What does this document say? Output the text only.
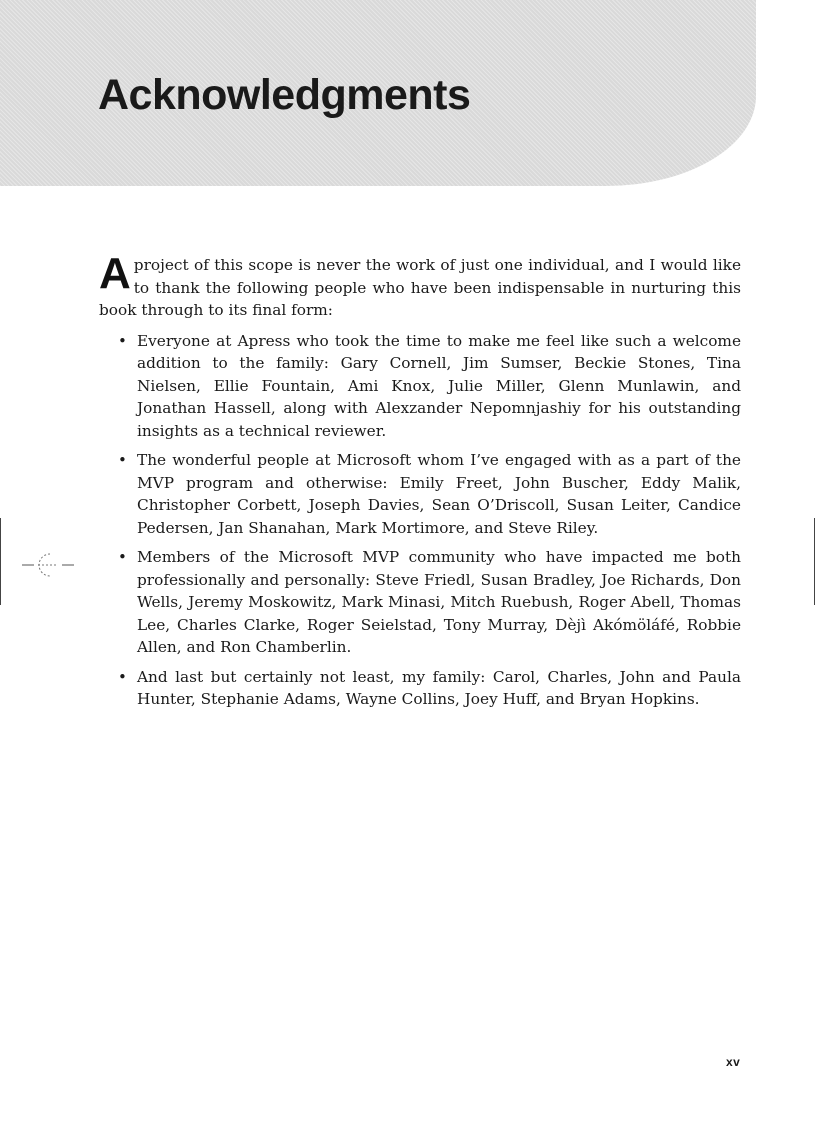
Acknowledgments

Aproject of this scope is never the work of just one individual, and I would like to thank the following people who have been indispensable in nurturing this book through to its final form:

• Everyone at Apress who took the time to make me feel like such a welcome addition to the family: Gary Cornell, Jim Sumser, Beckie Stones, Tina Nielsen, Ellie Fountain, Ami Knox, Julie Miller, Glenn Munlawin, and Jonathan Hassell, along with Alexzander Nepomnjashiy for his outstanding insights as a technical reviewer.
• The wonderful people at Microsoft whom I’ve engaged with as a part of the MVP program and otherwise: Emily Freet, John Buscher, Eddy Malik, Christopher Corbett, Joseph Davies, Sean O’Driscoll, Susan Leiter, Candice Pedersen, Jan Shanahan, Mark Mortimore, and Steve Riley.
• Members of the Microsoft MVP community who have impacted me both professionally and personally: Steve Friedl, Susan Bradley, Joe Richards, Don Wells, Jeremy Moskowitz, Mark Minasi, Mitch Ruebush, Roger Abell, Thomas Lee, Charles Clarke, Roger Seielstad, Tony Murray, Dèjì Akómöláfé, Robbie Allen, and Ron Chamberlin.
• And last but certainly not least, my family: Carol, Charles, John and Paula Hunter, Stephanie Adams, Wayne Collins, Joey Huff, and Bryan Hopkins.
xv
